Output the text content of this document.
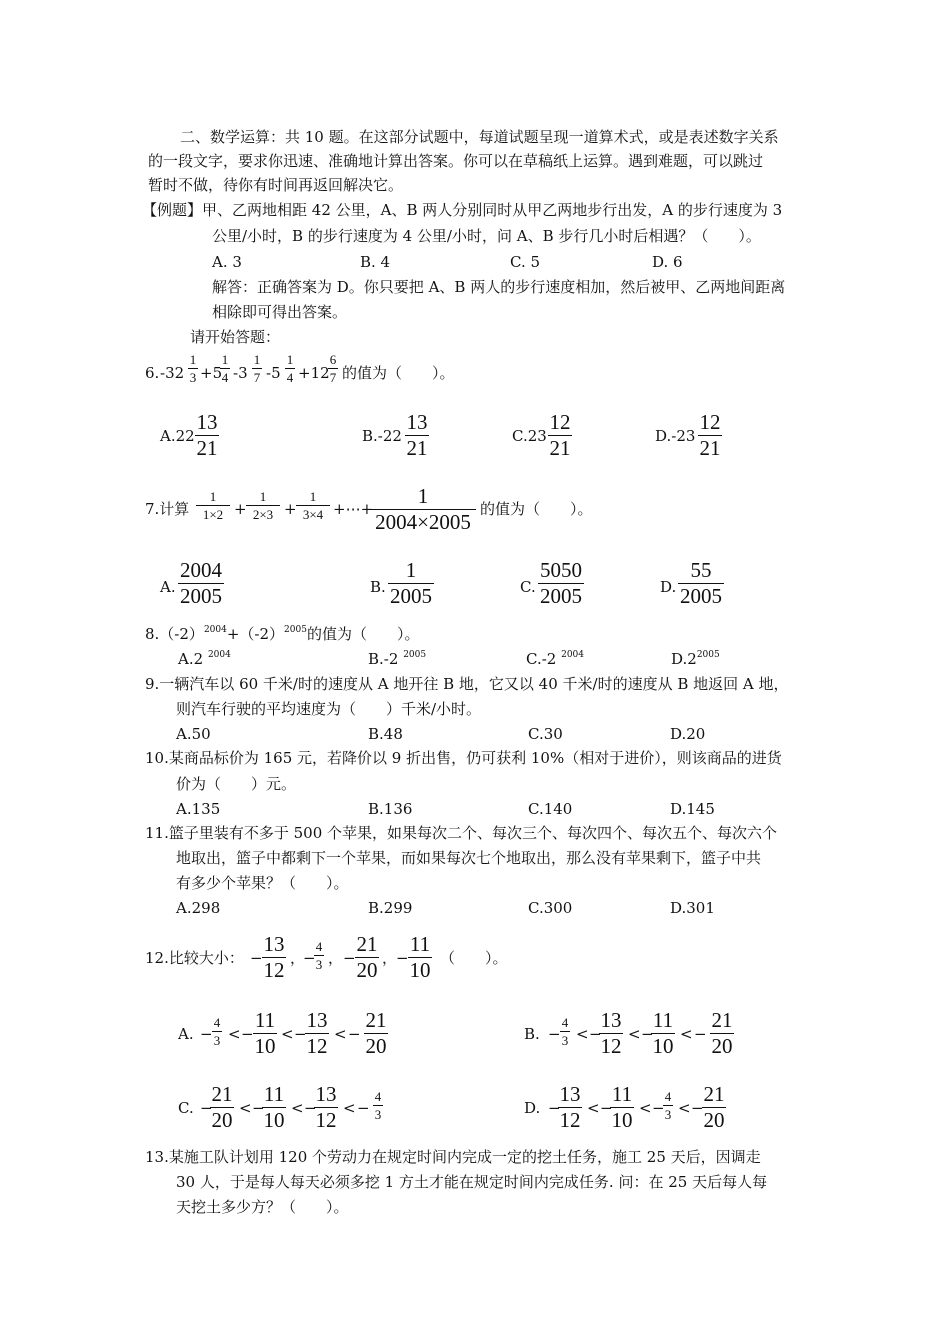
二、数学运算：共 10 题。在这部分试题中，每道试题呈现一道算术式，或是表述数字关系
的一段文字，要求你迅速、准确地计算出答案。你可以在草稿纸上运算。遇到难题，可以跳过
暂时不做，待你有时间再返回解决它。
【例题】甲、乙两地相距 42 公里，A、B 两人分别同时从甲乙两地步行出发，A 的步行速度为 3
公里/小时，B 的步行速度为 4 公里/小时，问 A、B 步行几小时后相遇？（　　）。
A. 3	B. 4	C. 5	D. 6
解答：正确答案为 D。你只要把 A、B 两人的步行速度相加，然后被甲、乙两地间距离
相除即可得出答案。
请开始答题：
6. -32
1
3 +5
1
4 -3
1
7 -5
1
4 +12
6
7 的值为（　　）。
A.22
13
21	B.-22
13
21	C.23
12
21	D.-23
12
21
7.计算
1
1×2 +
1
2×3 +
1
3×4 +⋯+
1
2004×2005
的值为（　　）。
A.
2004
2005	B.
1
2005	C.
5050
2005	D.
55
2005
$8.(-2)^{2004}+(-2)^{2005}$的值为（　　）。
A.2 $^{2004}$	B.-2 $^{2005}$	C.-2 $^{2004}$	$D.2^{2005}$
9.一辆汽车以 60 千米/时的速度从 A 地开往 B 地，它又以 40 千米/时的速度从 B 地返回 A 地，
则汽车行驶的平均速度为（　　）千米/小时。
A.50	B.48	C.30	D.20
10.某商品标价为 165 元，若降价以 9 折出售，仍可获利 10%（相对于进价），则该商品的进货
价为（　　）元。
A.135	B.136	C.140	D.145
11.篮子里装有不多于 500 个苹果，如果每次二个、每次三个、每次四个、每次五个、每次六个
地取出，篮子中都剩下一个苹果，而如果每次七个地取出，那么没有苹果剩下，篮子中共
有多少个苹果？（　　）。
A.298	B.299	C.300	D.301
12.比较大小： −
13
12 ，
−
4
3 ， −
21
20 ，
−
11
10 （　　）。
A. −
4
3 < −
11
10 < −
13
12 < −
21
20	B. −
4
3 < −
13
12 < −
11
10 < −
21
20
C. −
21
20 < −
11
10 < −
13
12 < −
4
3	D. −
13
12 < −
11
10 < −
4
3 < −
21
20
13.某施工队计划用 120 个劳动力在规定时间内完成一定的挖土任务，施工 25 天后，因调走
30 人，于是每人每天必须多挖 1 方土才能在规定时间内完成任务. 问：在 25 天后每人每
天挖土多少方？（　　）。
